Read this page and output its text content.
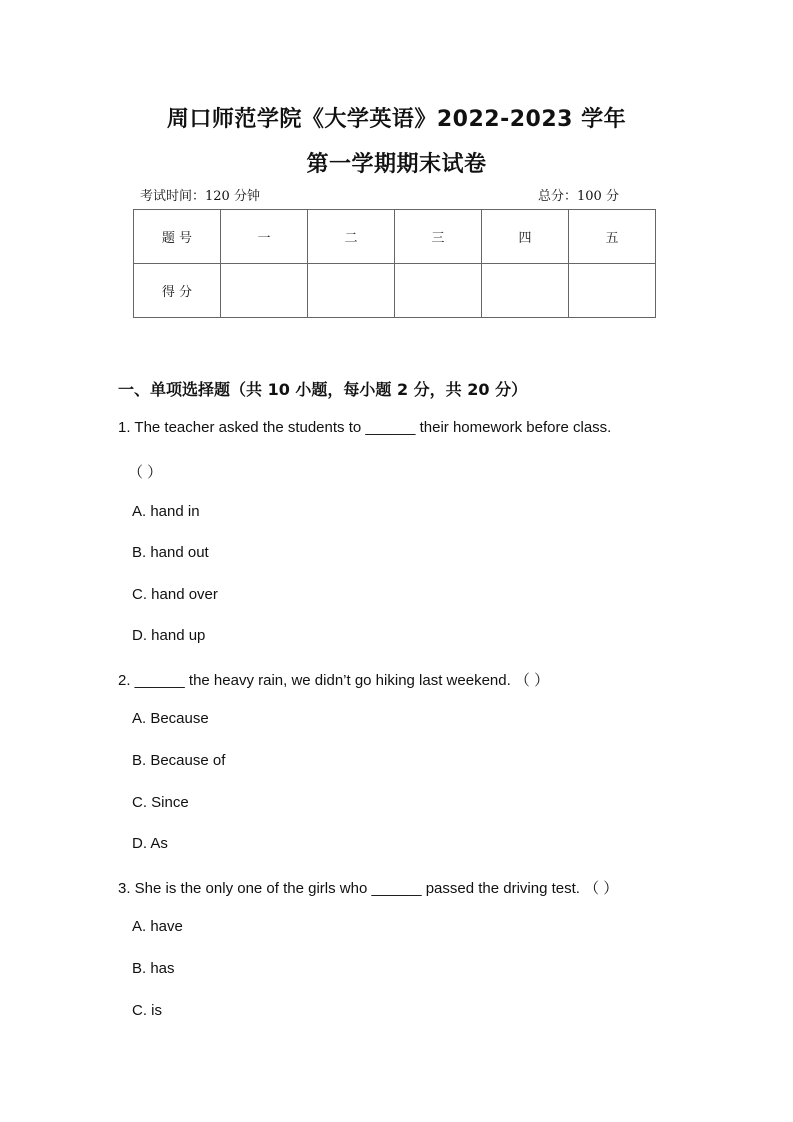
周口师范学院《大学英语》2022-2023 学年
第一学期期末试卷
考试时间：120 分钟	总分：100 分
题 号	一	二	三	四	五
得 分					
一、单项选择题（共 10 小题，每小题 2 分，共 20 分）
1. The teacher asked the students to ______ their homework before class.
（ ）
A. hand in
B. hand out
C. hand over
D. hand up
2. ______ the heavy rain, we didn’t go hiking last weekend. （ ）
A. Because
B. Because of
C. Since
D. As
3. She is the only one of the girls who ______ passed the driving test. （ ）
A. have
B. has
C. is
